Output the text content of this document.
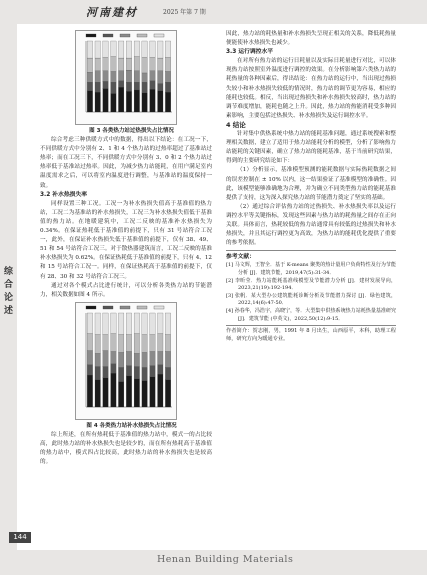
河南建材	2025 年第 7 期
综合论述
Henan Building Materials
144

图 3 各类热力站过热损失占比情况

综合考虑三种供暖方式中的数据，得出以下结论：在工况一下，不同供暖方式中分别有 2、1 和 4 个热力站的过热率超过了基准站过热率；而在工况三下，不同供暖方式中分别有 3、0 和 2 个热力站过热率低于基准站过热率。因此，为减少热力站能耗，在用户满足室内温度需求之后，可以将室内温度进行调整，与基准站的温度保持一致。

3.2 补水热损失率

同样设置三种工况。工况一为补水热损失值高于基准值的热力站，工况二为基准站的补水热损失，工况三为补水热损失值低于基准值的热力站。在地暖建筑中，工况二反映的基准补水热损失为 0.34%。在保证热耗低于基准值的前提下，只有 31 号站符合工况一，此外，在保证补水热损失低于基准值的前提下，仅有 38、49、51 和 54 号站符合工况三。对于散热器建筑而言，工况二反映的基准补水热损失为 0.62%。在保证热耗低于基准值的前提下，只有 4、12 和 15 号站符合工况一。同样，在保证热耗高于基准值的前提下，仅有 28、30 和 32 号站符合工况三。

通过对各个模式占比进行统计，可以分析各类热力站的节能潜力，相关数据如图 4 所示。

图 4 各类热力站补水热损失占比情况

综上所述，在所有热耗低于基准值的热力站中，模式一的占比较高，此时热力站的补水热损失也是较少的，而在所有热耗高于基准值的热力站中，模式四占比较高，此时热力站的补水热损失也是较高的。

因此，热力站的耗热量和补水热损失呈现正相关的关系，降低耗热量便能使补水热损失也减少。

3.3 运行调控水平

在对所有热力站的运行日耗量以及实际日耗量进行对比，可以体现热力站按照室外温度进行调控的效果。在分析影响第六类热力站的耗热量的各种因素后，得出结论：在热力站的运行中，当出现过热损失较小和补水热损失较低的情况时，热力站的调节更为容易，相应的能耗也较低。相反，当出现过热损失和补水热损失较高时，热力站的调节难度增加，能耗也随之上升。因此，热力站的热能消耗受多种因素影响，主要包括过热损失、补水热损失及运行调控水平。

4 结论

针对集中供热系统中热力站的能耗基准问题，通过系统搜索和整理相关数据，建立了适用于热力站能耗分析的模型，分析了影响热力站能耗的关键因素，确立了热力站的能耗基准，基于当前研究结果，得到的主要研究结论如下：

（1）分析显示，基准模型预测的能耗数据与实际热耗数据之间的误差控制在 ± 10% 以内，这一结果验证了基准模型的准确性。因此，该模型能够准确地为合理，并为确立不同类型热力站的能耗基准提供了支持，这为深入探究热力站的节能潜力奠定了坚实的基础。

（2）通过综合评估热力站的过热损失、补水热损失率以及运行调控水平等关键指标，发现这些因素与热力站的耗热量之间存在正向关联。具体而言，热耗较低的热力站通常具有较低的过热损失和补水热损失，并且其运行调控更为高效，为热力站的能耗优化提供了重要的参考依据。

参考文献：

[1] 马文辉，王智全．基于 K-means 聚类的热计量用户负荷特性及行为节能分析 [J]．建筑节能，2019,47(5):31-34．
[2] 李昕莹．热力站能耗基准线模型及节能潜力分析 [J]．建材发展导向，2023,21(19):192-194．
[3] 张帆．某大型办公建筑能耗诊断分析及节能潜力探讨 [J]．绿色建筑，2022,14(6):47-50．
[4] 孙春华，冯浩宇，高晓宁，等．大型集中供热系统热力站耗热量基准研究 [J]．建筑节能 (中英文)，2022,50(12):9-15．

作者简介：贺志刚，男，1991 年 8 月出生，山西原平，本科，助理工程师，研究方向为暖通专业。
